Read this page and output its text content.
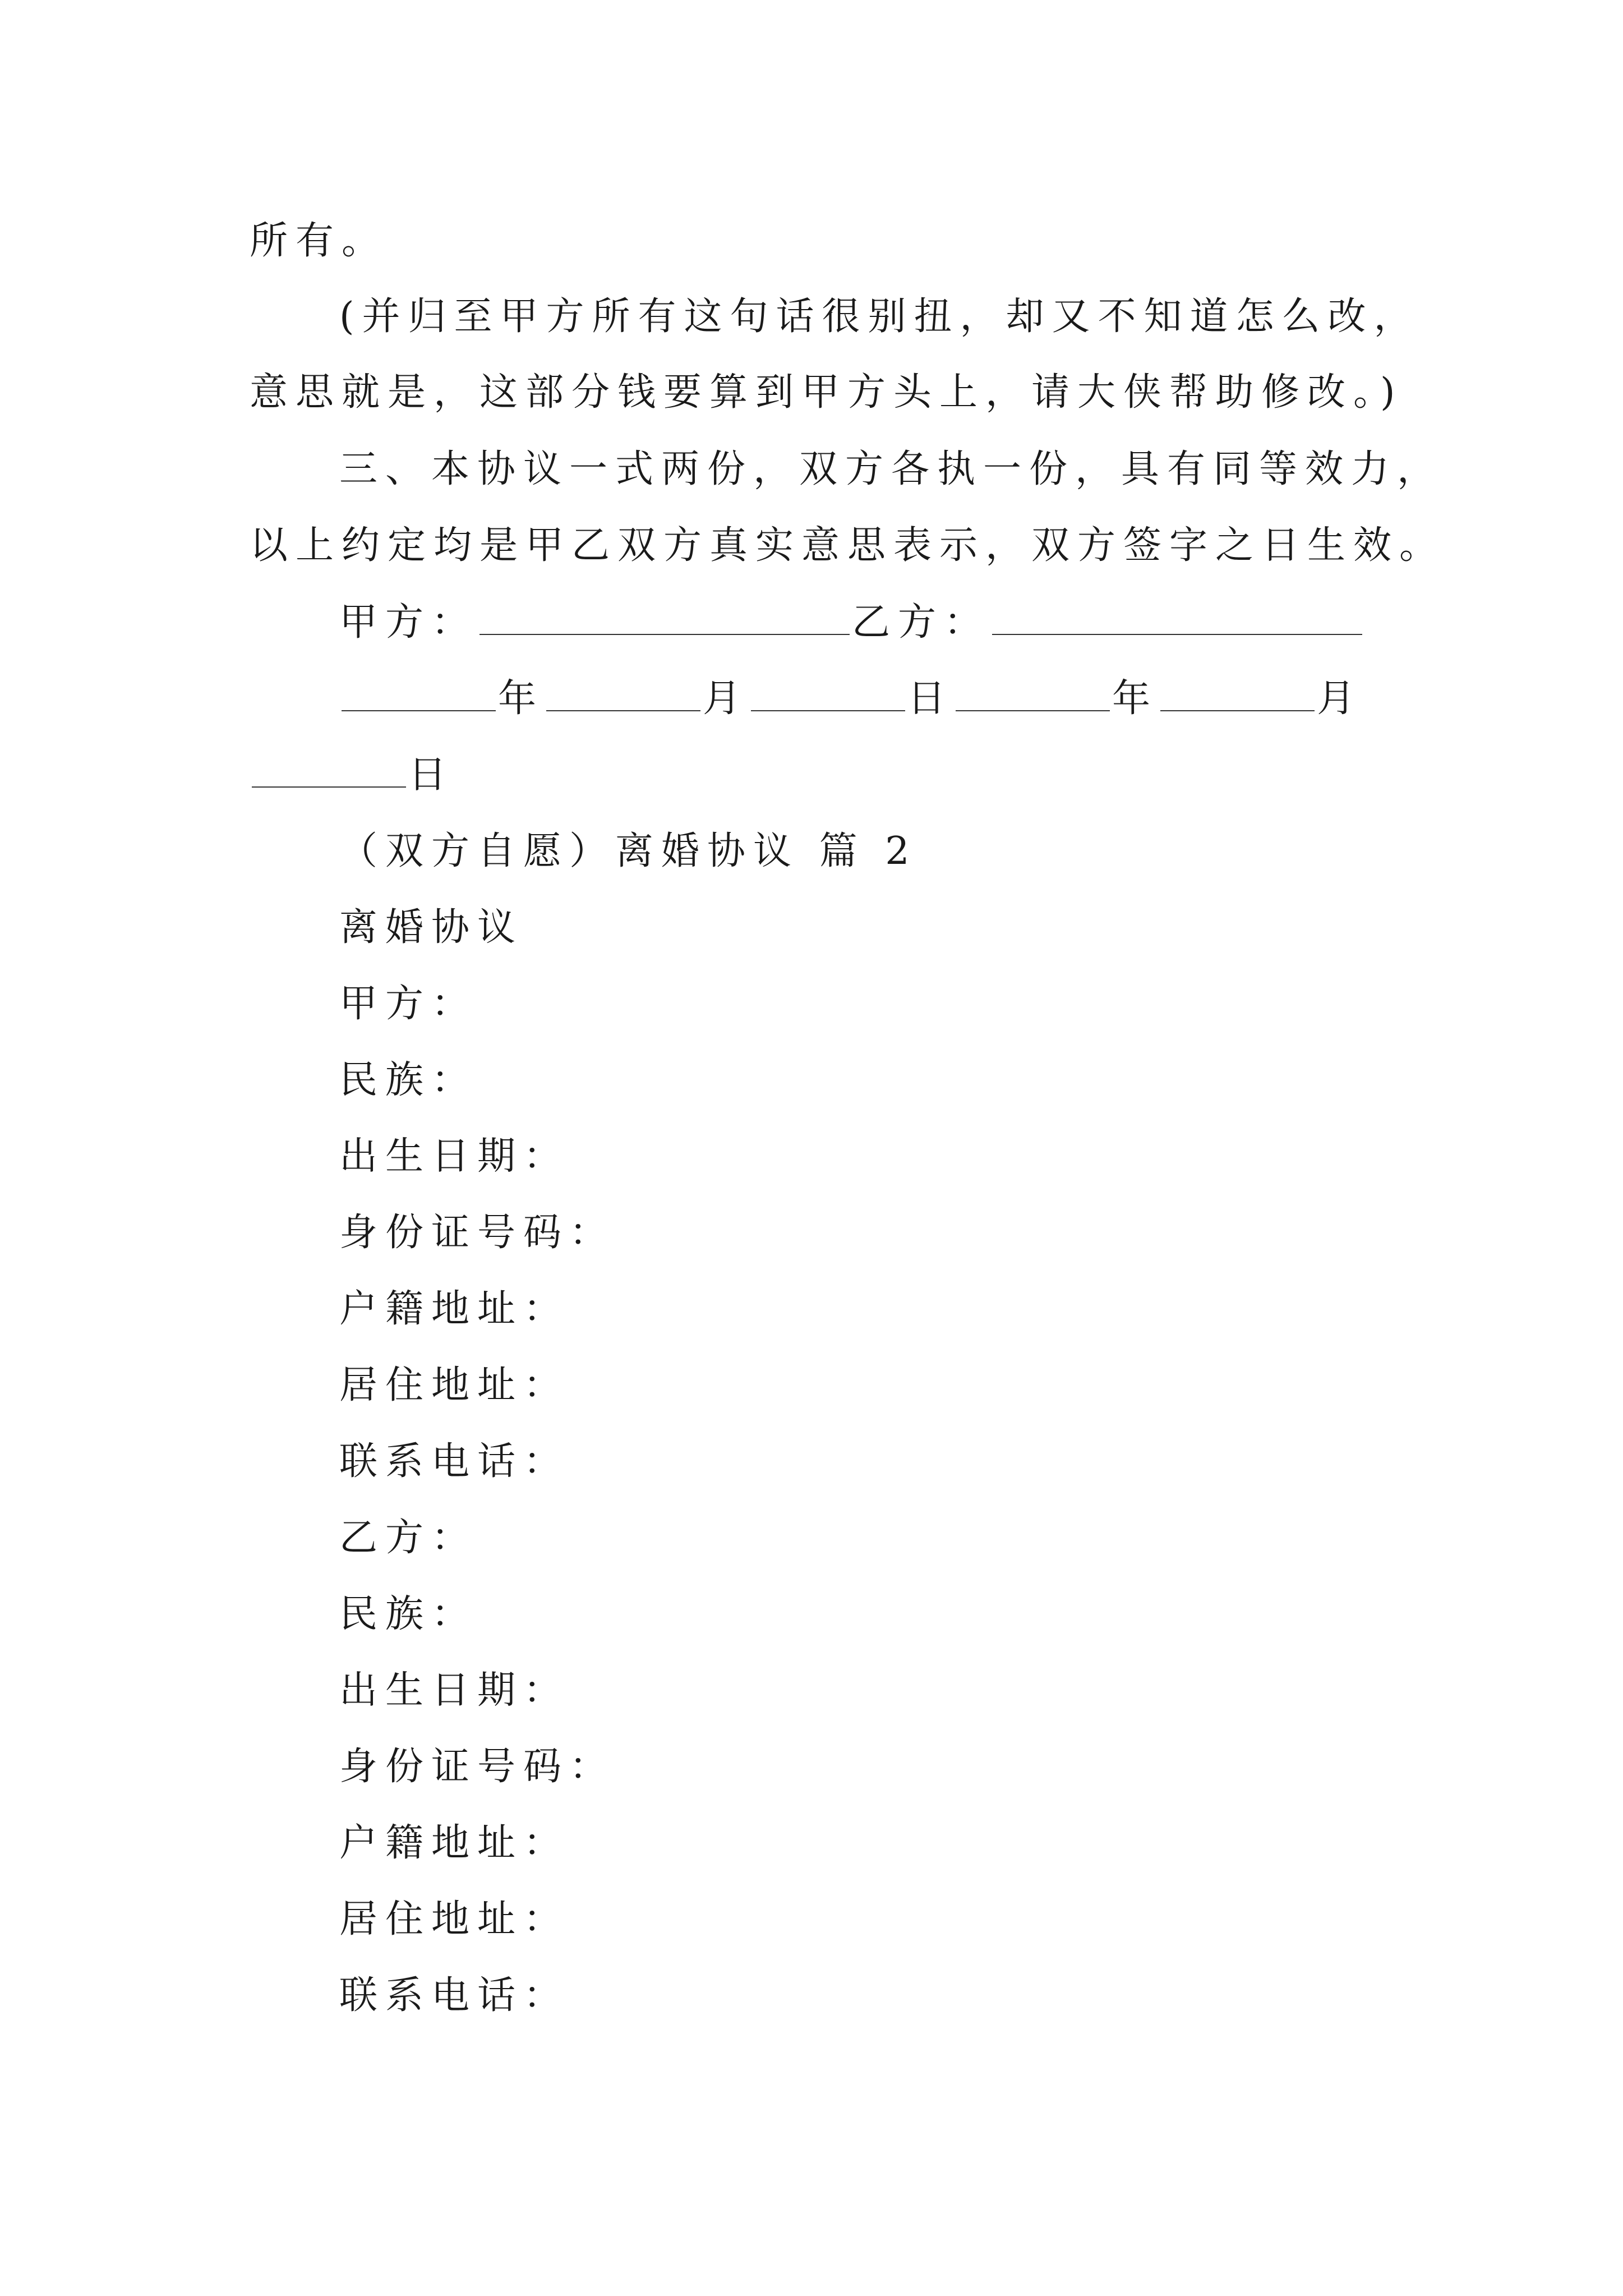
所有。
(并归至甲方所有这句话很别扭，却又不知道怎么改，
意思就是，这部分钱要算到甲方头上，请大侠帮助修改。)
三、本协议一式两份，双方各执一份，具有同等效力，
以上约定均是甲乙双方真实意思表示，双方签字之日生效。
甲方：	乙方：
年	月	日	年	月
日
（双方自愿）离婚协议 篇 2
离婚协议
甲方：
民族：
出生日期：
身份证号码：
户籍地址：
居住地址：
联系电话：
乙方：
民族：
出生日期：
身份证号码：
户籍地址：
居住地址：
联系电话：
